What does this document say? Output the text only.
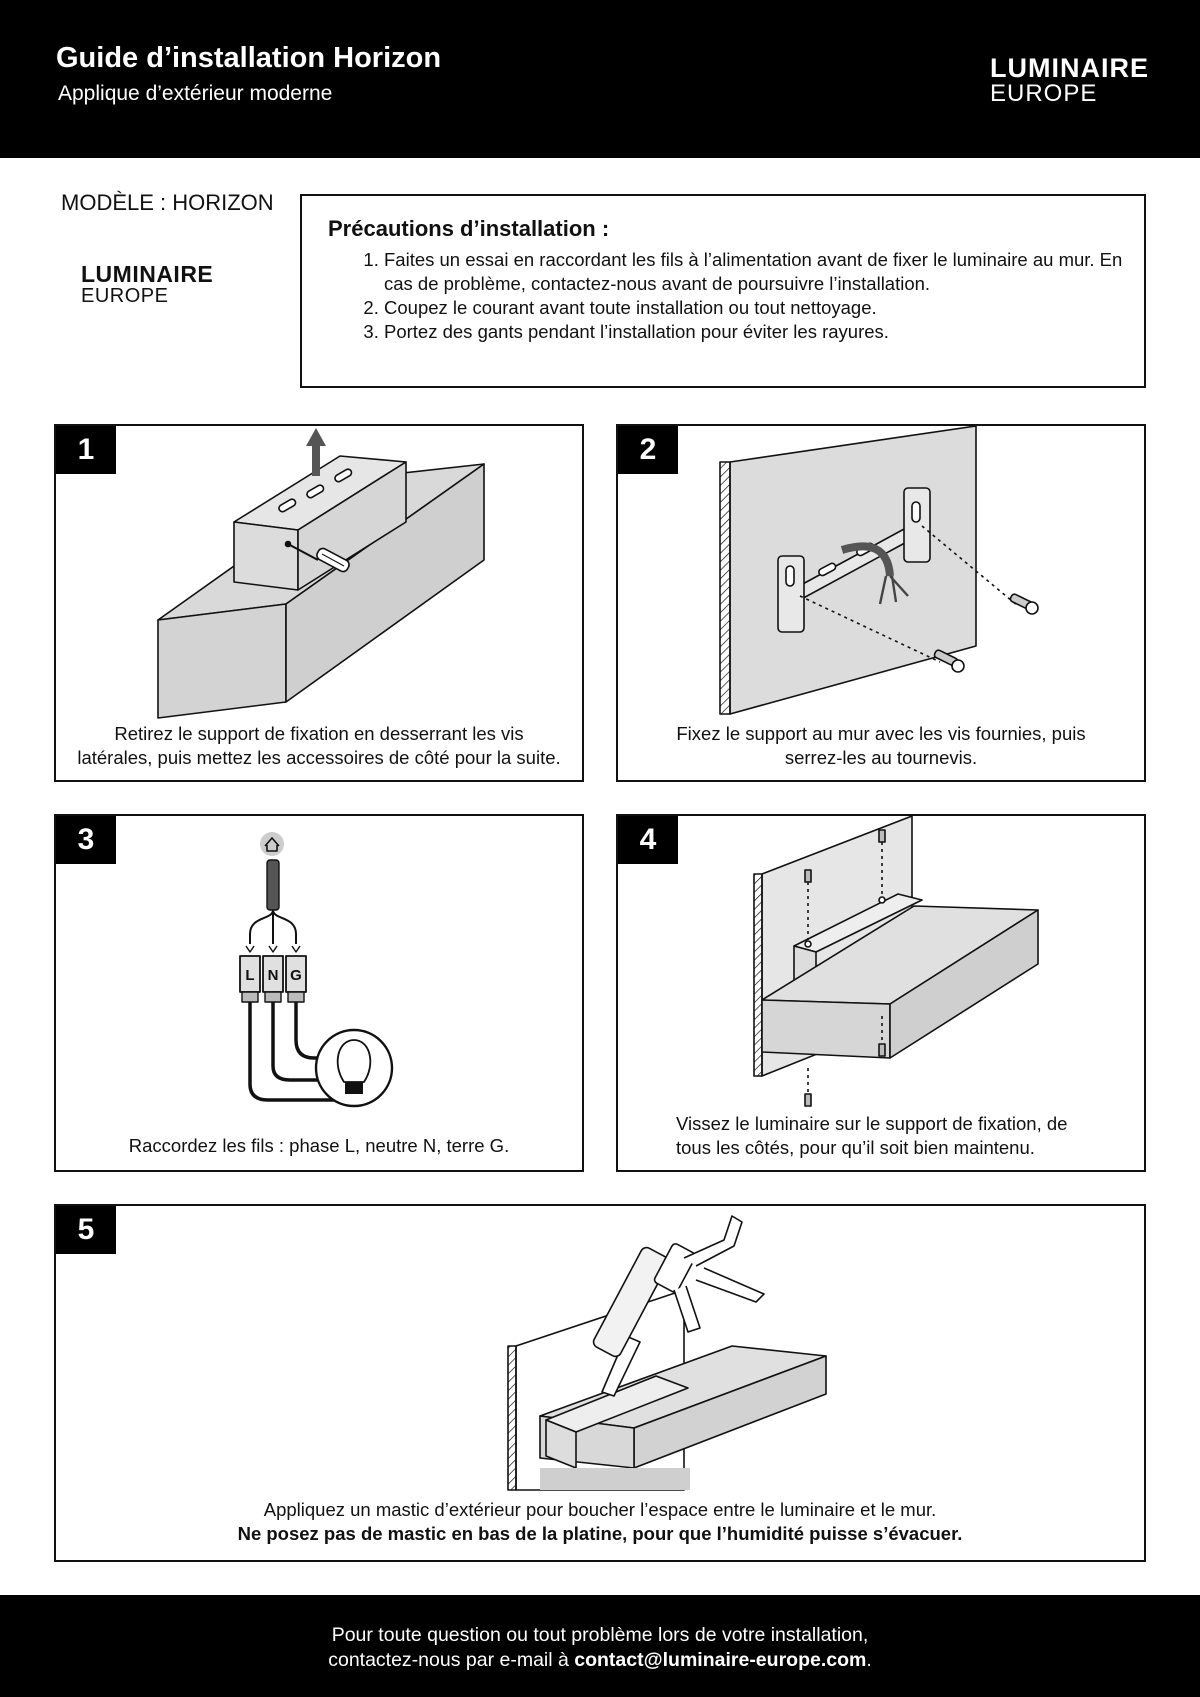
Guide d’installation Horizon
Applique d’extérieur moderne
LUMINAIRE
EUROPE
MODÈLE : HORIZON
LUMINAIRE
EUROPE
Précautions d’installation :
1. Faites un essai en raccordant les fils à l’alimentation avant de fixer le luminaire au mur. En cas de problème, contactez-nous avant de poursuivre l’installation.
2. Coupez le courant avant toute installation ou tout nettoyage.
3. Portez des gants pendant l’installation pour éviter les rayures.
1
Retirez le support de fixation en desserrant les vis
latérales, puis mettez les accessoires de côté pour la suite.
2
Fixez le support au mur avec les vis fournies, puis
serrez-les au tournevis.
L N G
3
Raccordez les fils : phase L, neutre N, terre G.
4
Vissez le luminaire sur le support de fixation, de
tous les côtés, pour qu’il soit bien maintenu.
5
Appliquez un mastic d’extérieur pour boucher l’espace entre le luminaire et le mur.
Ne posez pas de mastic en bas de la platine, pour que l’humidité puisse s’évacuer.
Pour toute question ou tout problème lors de votre installation,
contactez-nous par e-mail à contact@luminaire-europe.com.
